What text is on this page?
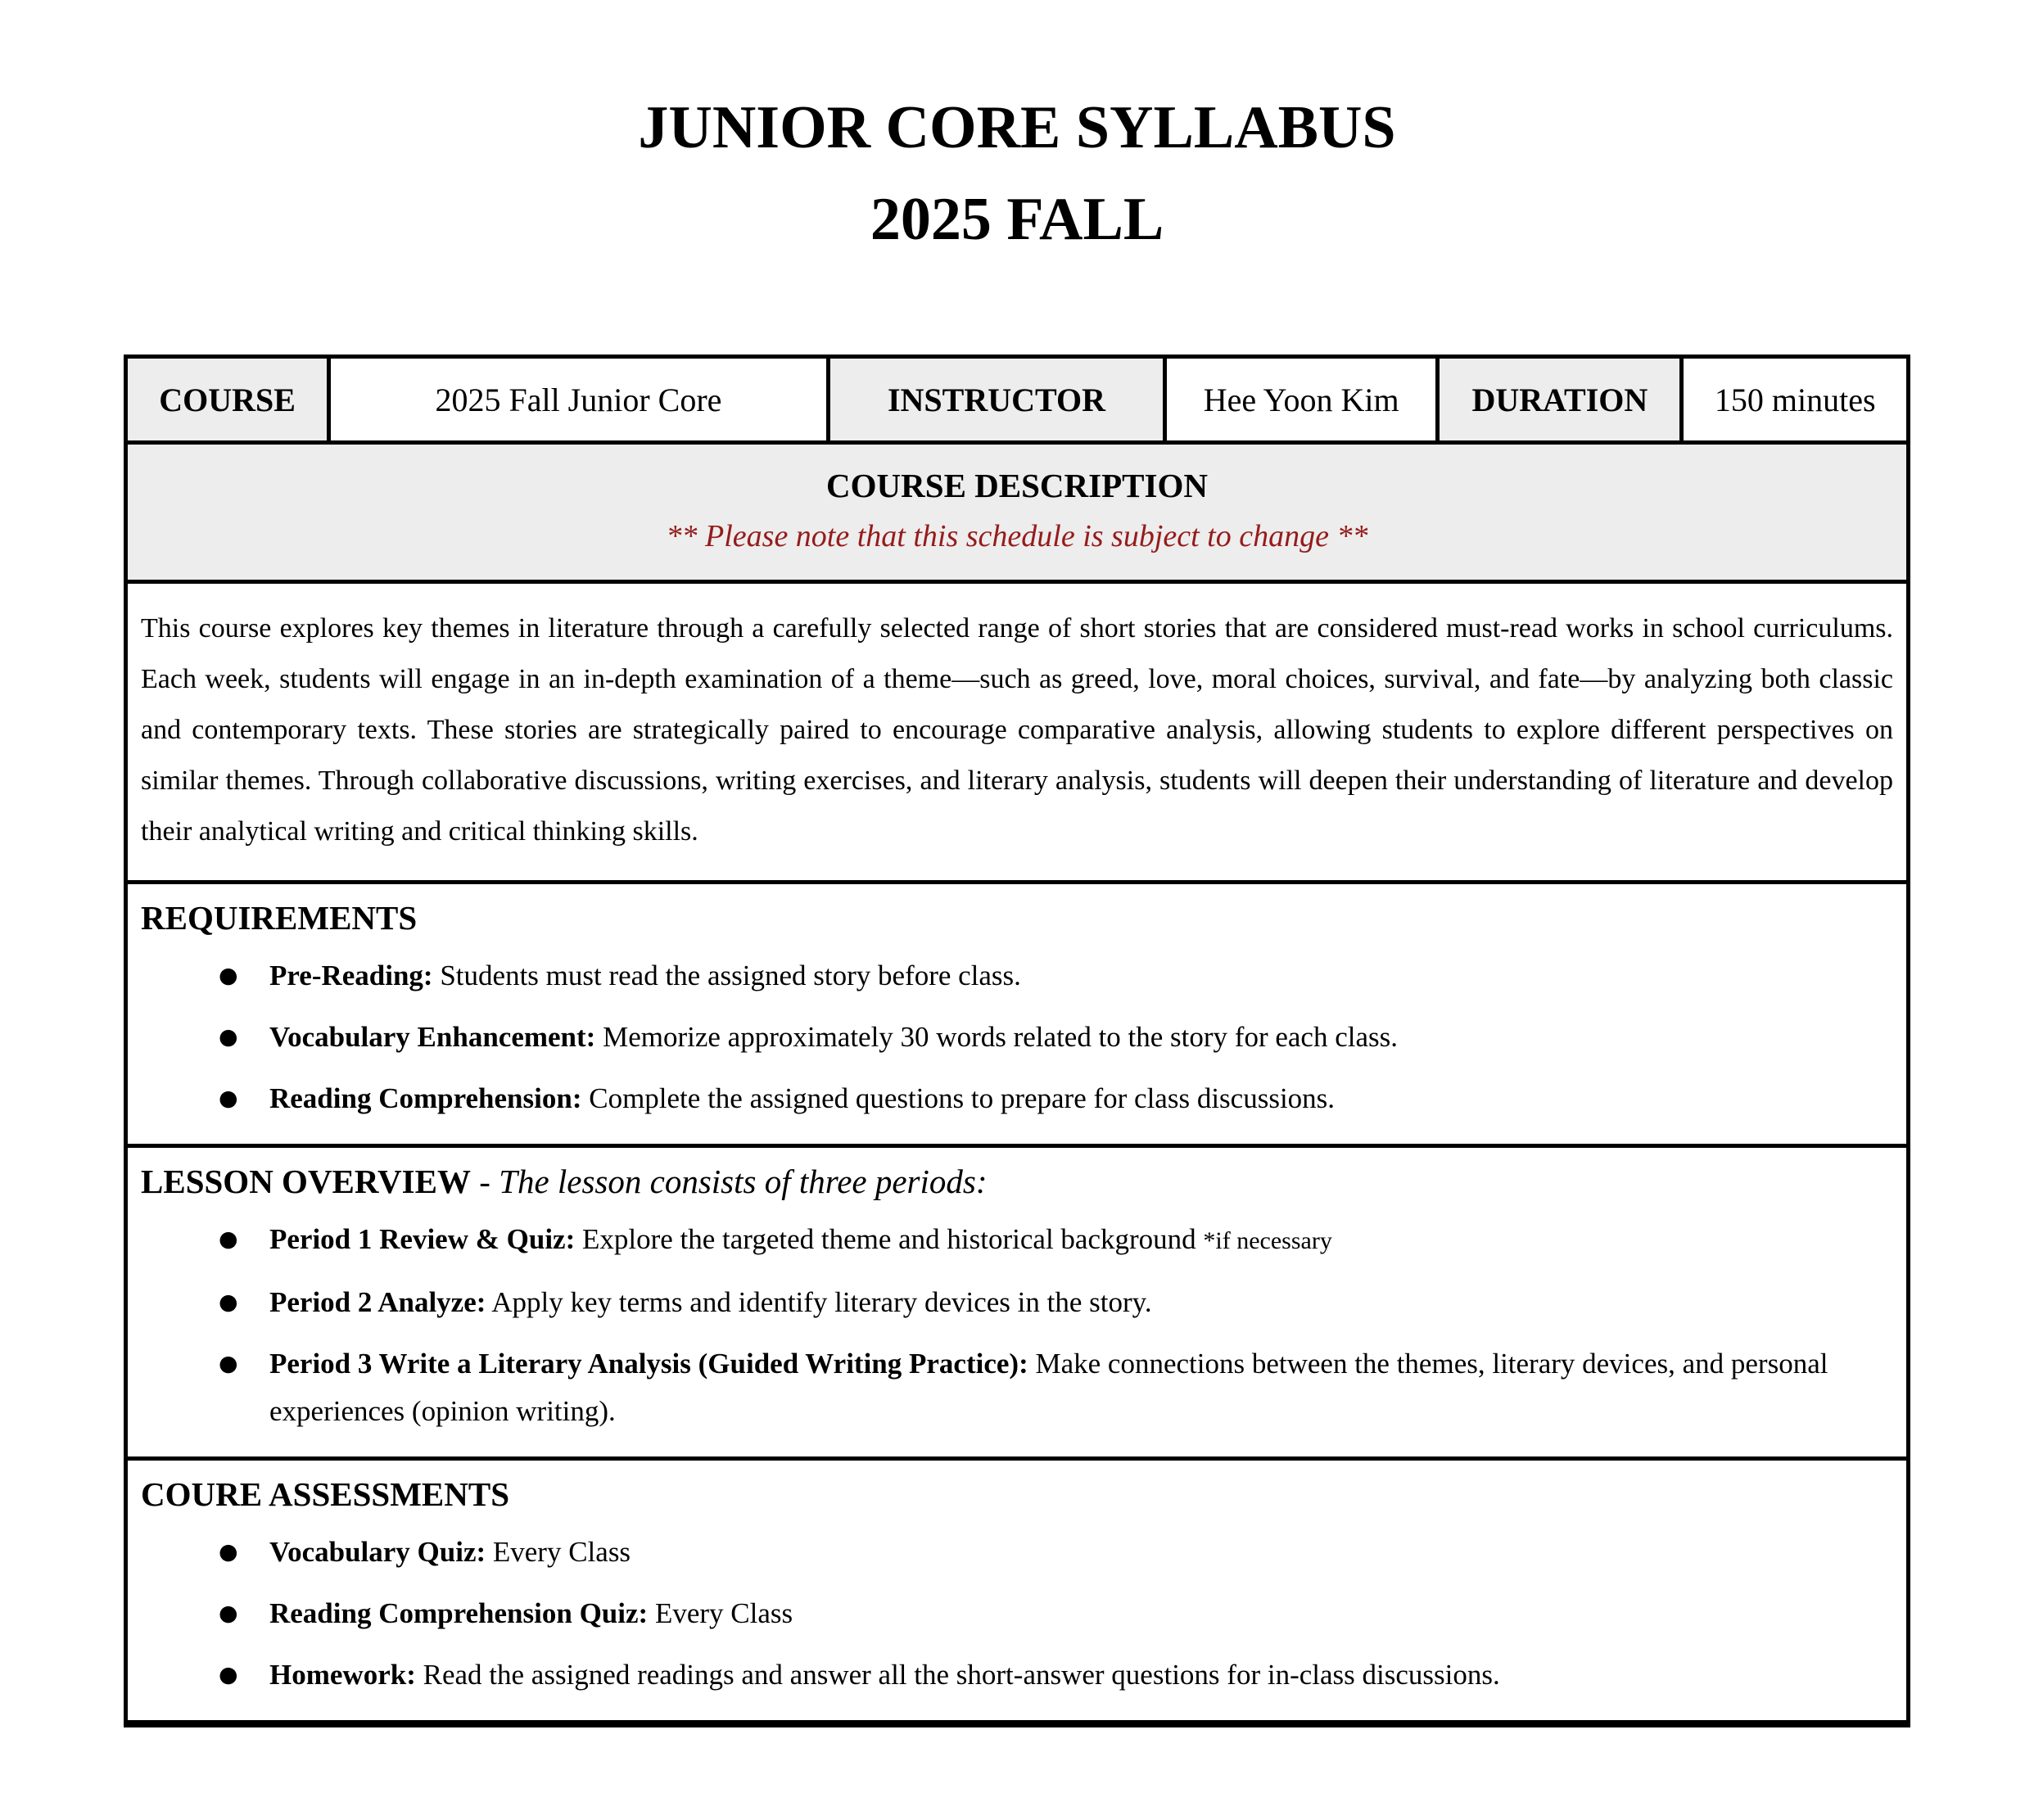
JUNIOR CORE SYLLABUS
2025 FALL
COURSE	2025 Fall Junior Core	INSTRUCTOR	Hee Yoon Kim	DURATION	150 minutes

COURSE DESCRIPTION
** Please note that this schedule is subject to change **

This course explores key themes in literature through a carefully selected range of short stories that are considered must-read works in school curriculums. Each week, students will engage in an in-depth examination of a theme—such as greed, love, moral choices, survival, and fate—by analyzing both classic and contemporary texts. These stories are strategically paired to encourage comparative analysis, allowing students to explore different perspectives on similar themes. Through collaborative discussions, writing exercises, and literary analysis, students will deepen their understanding of literature and develop their analytical writing and critical thinking skills.

REQUIREMENTS
●	Pre-Reading: Students must read the assigned story before class.
●	Vocabulary Enhancement: Memorize approximately 30 words related to the story for each class.
●	Reading Comprehension: Complete the assigned questions to prepare for class discussions.

LESSON OVERVIEW - The lesson consists of three periods:
●	Period 1 Review & Quiz: Explore the targeted theme and historical background *if necessary
●	Period 2 Analyze: Apply key terms and identify literary devices in the story.
●	Period 3 Write a Literary Analysis (Guided Writing Practice): Make connections between the themes, literary devices, and personal experiences (opinion writing).

COURE ASSESSMENTS
●	Vocabulary Quiz: Every Class
●	Reading Comprehension Quiz: Every Class
●	Homework: Read the assigned readings and answer all the short-answer questions for in-class discussions.
